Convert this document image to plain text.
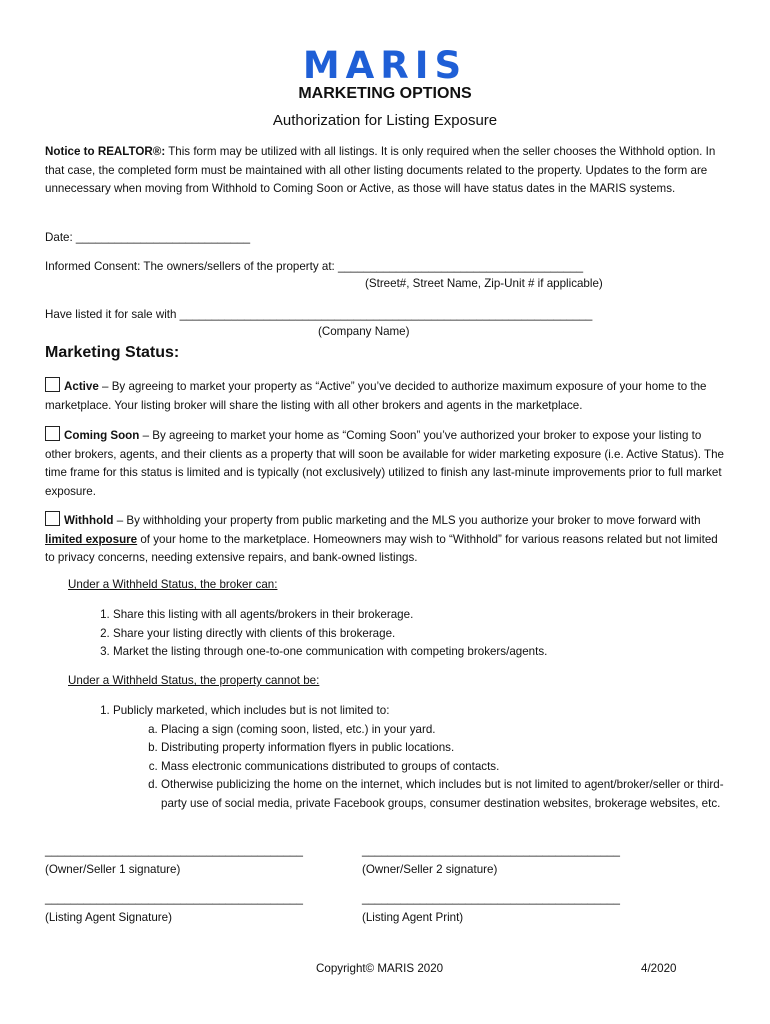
MARIS
MARKETING OPTIONS
Authorization for Listing Exposure
Notice to REALTOR®: This form may be utilized with all listings. It is only required when the seller chooses the Withhold option. In that case, the completed form must be maintained with all other listing documents related to the property. Updates to the form are unnecessary when moving from Withhold to Coming Soon or Active, as those will have status dates in the MARIS systems.
Date: ___________________________
Informed Consent: The owners/sellers of the property at: ______________________________________
(Street#, Street Name, Zip-Unit # if applicable)
Have listed it for sale with ________________________________________________________________
(Company Name)
Marketing Status:
Active – By agreeing to market your property as “Active” you’ve decided to authorize maximum exposure of your home to the marketplace. Your listing broker will share the listing with all other brokers and agents in the marketplace.
Coming Soon – By agreeing to market your home as “Coming Soon” you’ve authorized your broker to expose your listing to other brokers, agents, and their clients as a property that will soon be available for wider marketing exposure (i.e. Active Status). The time frame for this status is limited and is typically (not exclusively) utilized to finish any last-minute improvements prior to full market exposure.
Withhold – By withholding your property from public marketing and the MLS you authorize your broker to move forward with limited exposure of your home to the marketplace. Homeowners may wish to “Withhold” for various reasons related but not limited to privacy concerns, needing extensive repairs, and bank-owned listings.
Under a Withheld Status, the broker can:
1. Share this listing with all agents/brokers in their brokerage.
2. Share your listing directly with clients of this brokerage.
3. Market the listing through one-to-one communication with competing brokers/agents.
Under a Withheld Status, the property cannot be:
1. Publicly marketed, which includes but is not limited to:
a. Placing a sign (coming soon, listed, etc.) in your yard.
b. Distributing property information flyers in public locations.
c. Mass electronic communications distributed to groups of contacts.
d. Otherwise publicizing the home on the internet, which includes but is not limited to agent/broker/seller or third-party use of social media, private Facebook groups, consumer destination websites, brokerage websites, etc.
________________________________________	________________________________________
(Owner/Seller 1 signature)	(Owner/Seller 2 signature)
________________________________________	________________________________________
(Listing Agent Signature)	(Listing Agent Print)
Copyright© MARIS 2020	4/2020
